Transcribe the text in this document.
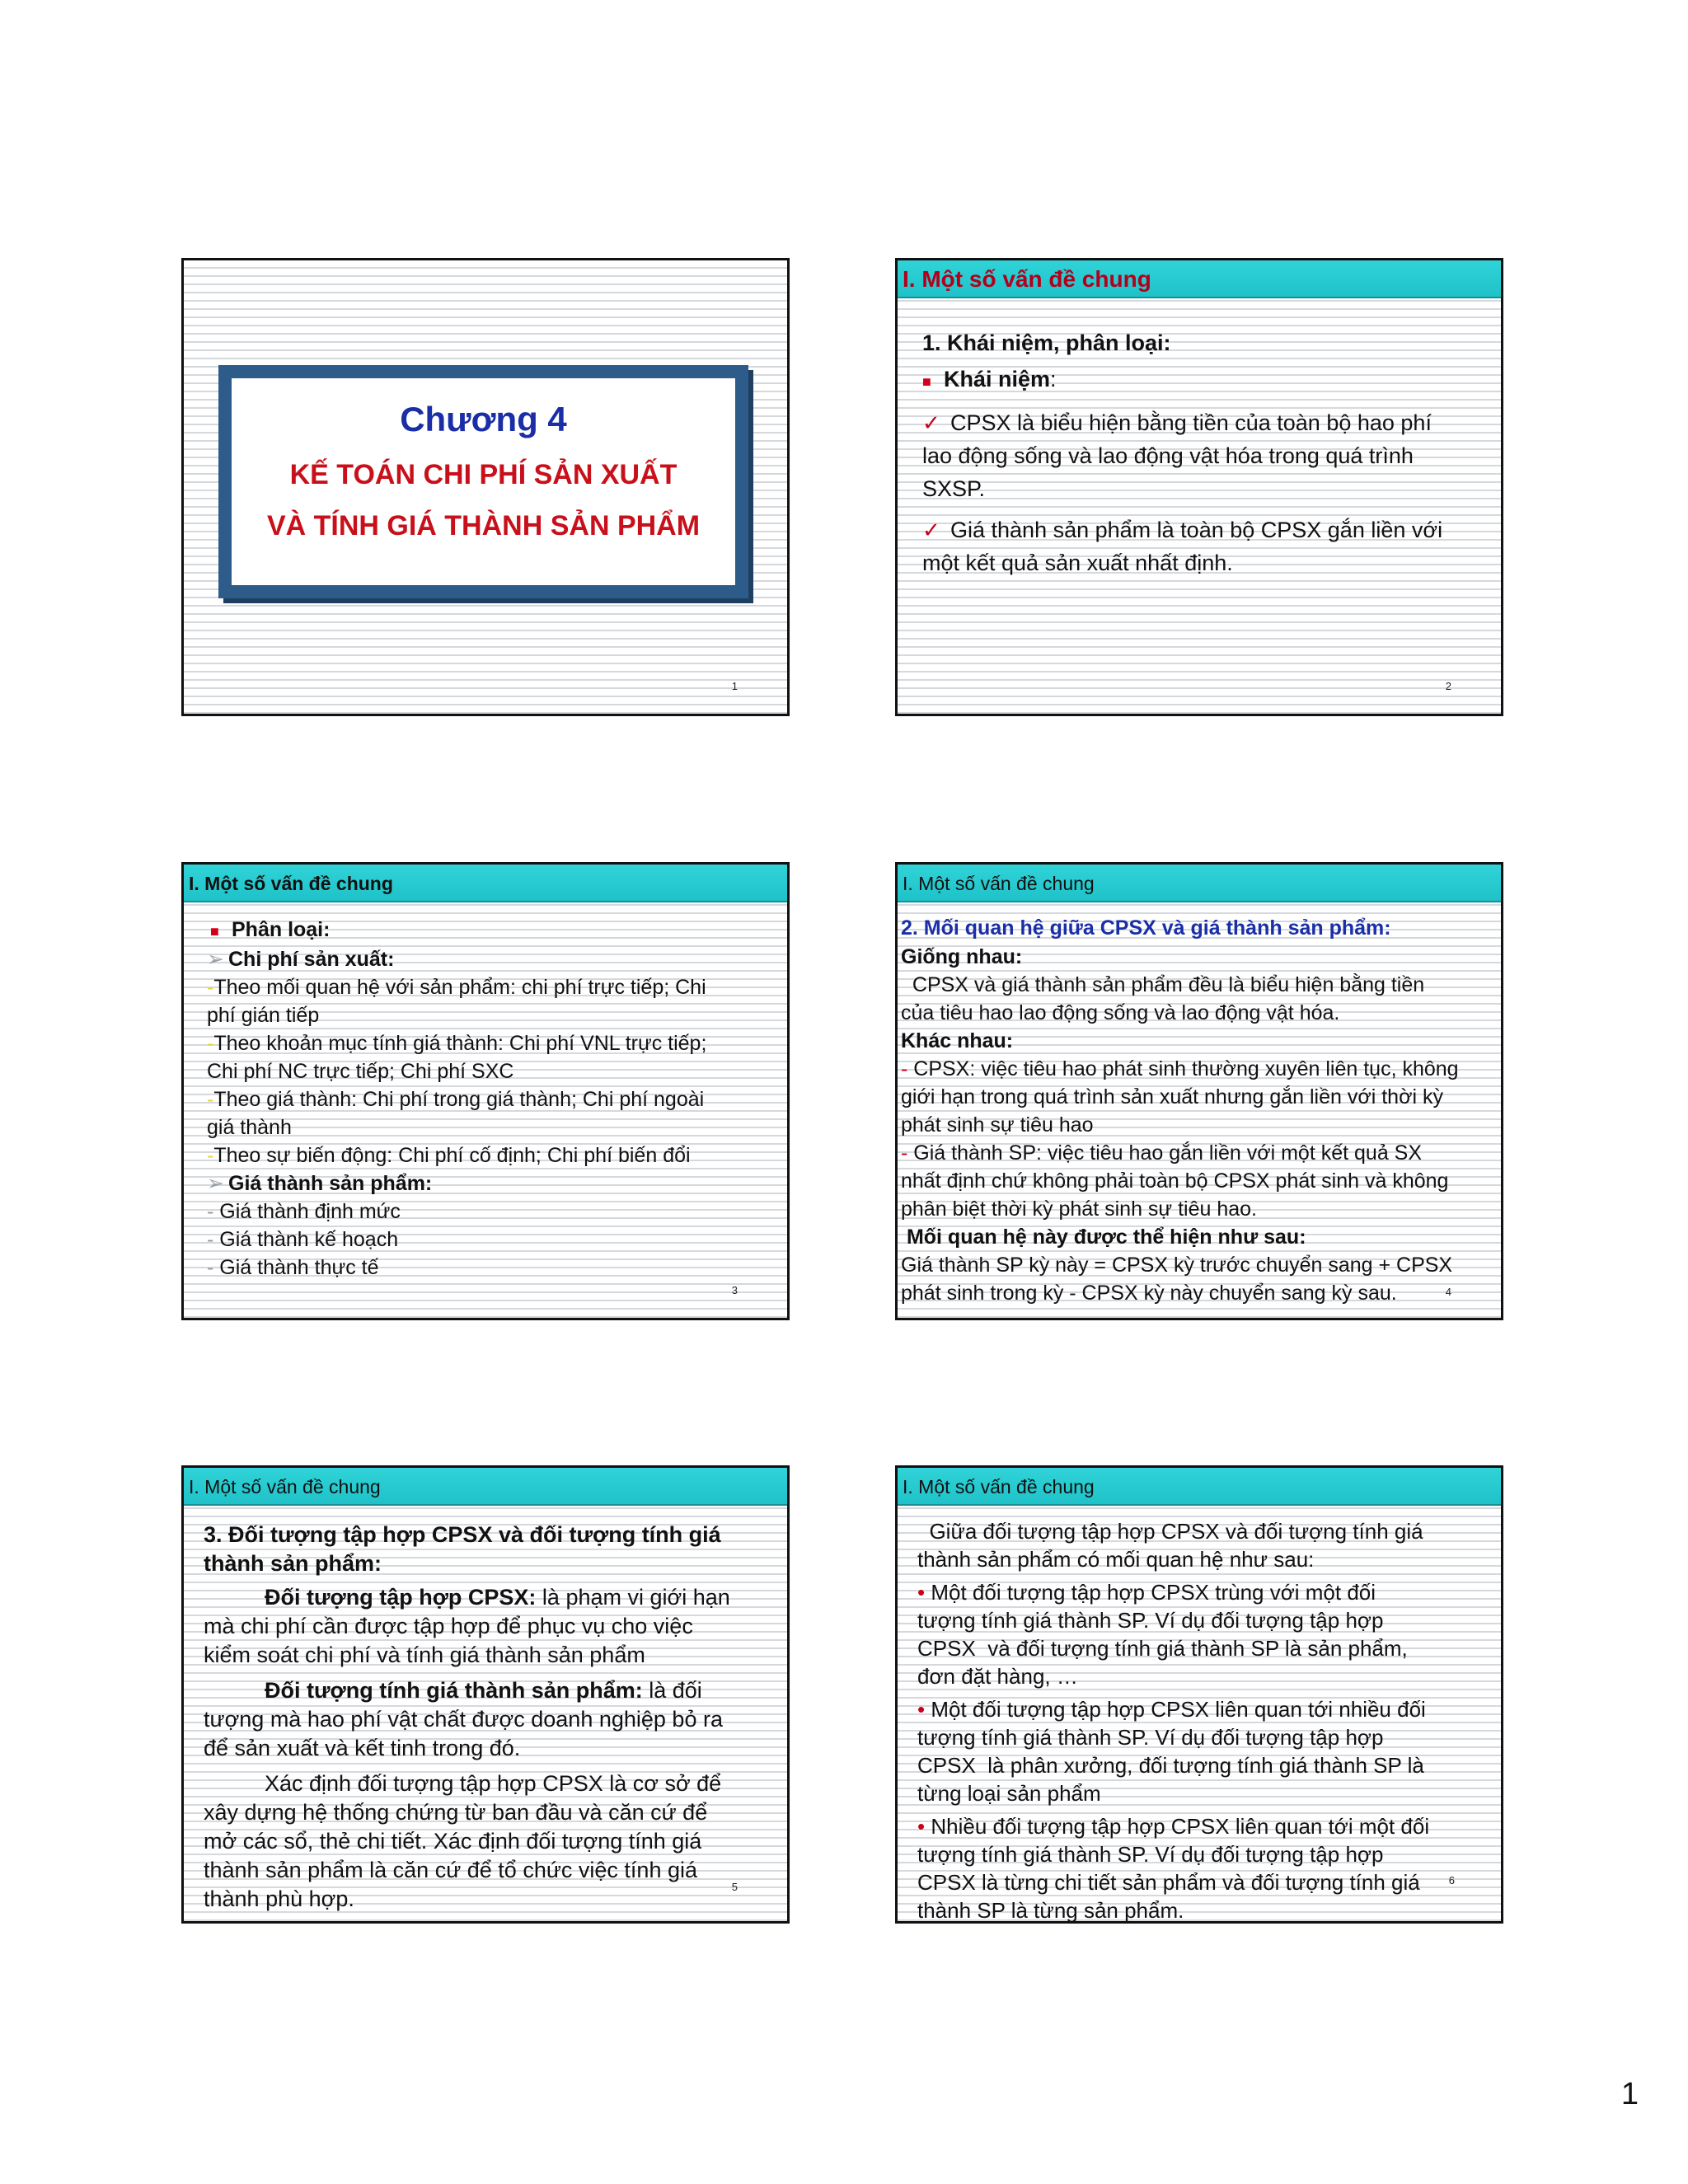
Chương 4
KẾ TOÁN CHI PHÍ SẢN XUẤT
VÀ TÍNH GIÁ THÀNH SẢN PHẨM
1
I. Một số vấn đề chung
1. Khái niệm, phân loại:
■ Khái niệm:
✓ CPSX là biểu hiện bằng tiền của toàn bộ hao phí
lao động sống và lao động vật hóa trong quá trình
SXSP.
✓ Giá thành sản phẩm là toàn bộ CPSX gắn liền với
một kết quả sản xuất nhất định.
2
I. Một số vấn đề chung
■ Phân loại:
➢ Chi phí sản xuất:
-Theo mối quan hệ với sản phẩm: chi phí trực tiếp; Chi
phí gián tiếp
-Theo khoản mục tính giá thành: Chi phí VNL trực tiếp;
Chi phí NC trực tiếp; Chi phí SXC
-Theo giá thành: Chi phí trong giá thành; Chi phí ngoài
giá thành
-Theo sự biến động: Chi phí cố định; Chi phí biến đổi
➢ Giá thành sản phẩm:
- Giá thành định mức
- Giá thành kế hoạch
- Giá thành thực tế
3
I. Một số vấn đề chung
2. Mối quan hệ giữa CPSX và giá thành sản phẩm:
Giống nhau:
CPSX và giá thành sản phẩm đều là biểu hiện bằng tiền
của tiêu hao lao động sống và lao động vật hóa.
Khác nhau:
- CPSX: việc tiêu hao phát sinh thường xuyên liên tục, không
giới hạn trong quá trình sản xuất nhưng gắn liền với thời kỳ
phát sinh sự tiêu hao
- Giá thành SP: việc tiêu hao gắn liền với một kết quả SX
nhất định chứ không phải toàn bộ CPSX phát sinh và không
phân biệt thời kỳ phát sinh sự tiêu hao.
Mối quan hệ này được thể hiện như sau:
Giá thành SP kỳ này = CPSX kỳ trước chuyển sang + CPSX
phát sinh trong kỳ - CPSX kỳ này chuyển sang kỳ sau.	4
I. Một số vấn đề chung
3. Đối tượng tập hợp CPSX và đối tượng tính giá
thành sản phẩm:
Đối tượng tập hợp CPSX: là phạm vi giới hạn
mà chi phí cần được tập hợp để phục vụ cho việc
kiểm soát chi phí và tính giá thành sản phẩm
Đối tượng tính giá thành sản phẩm: là đối
tượng mà hao phí vật chất được doanh nghiệp bỏ ra
để sản xuất và kết tinh trong đó.
Xác định đối tượng tập hợp CPSX là cơ sở để
xây dựng hệ thống chứng từ ban đầu và căn cứ để
mở các sổ, thẻ chi tiết. Xác định đối tượng tính giá
thành sản phẩm là căn cứ để tổ chức việc tính giá
thành phù hợp.	5
I. Một số vấn đề chung
Giữa đối tượng tập hợp CPSX và đối tượng tính giá
thành sản phẩm có mối quan hệ như sau:
• Một đối tượng tập hợp CPSX trùng với một đối
tượng tính giá thành SP. Ví dụ đối tượng tập hợp
CPSX  và đối tượng tính giá thành SP là sản phẩm,
đơn đặt hàng, …
• Một đối tượng tập hợp CPSX liên quan tới nhiều đối
tượng tính giá thành SP. Ví dụ đối tượng tập hợp
CPSX  là phân xưởng, đối tượng tính giá thành SP là
từng loại sản phẩm
• Nhiều đối tượng tập hợp CPSX liên quan tới một đối
tượng tính giá thành SP. Ví dụ đối tượng tập hợp
CPSX là từng chi tiết sản phẩm và đối tượng tính giá
thành SP là từng sản phẩm.
6
1
